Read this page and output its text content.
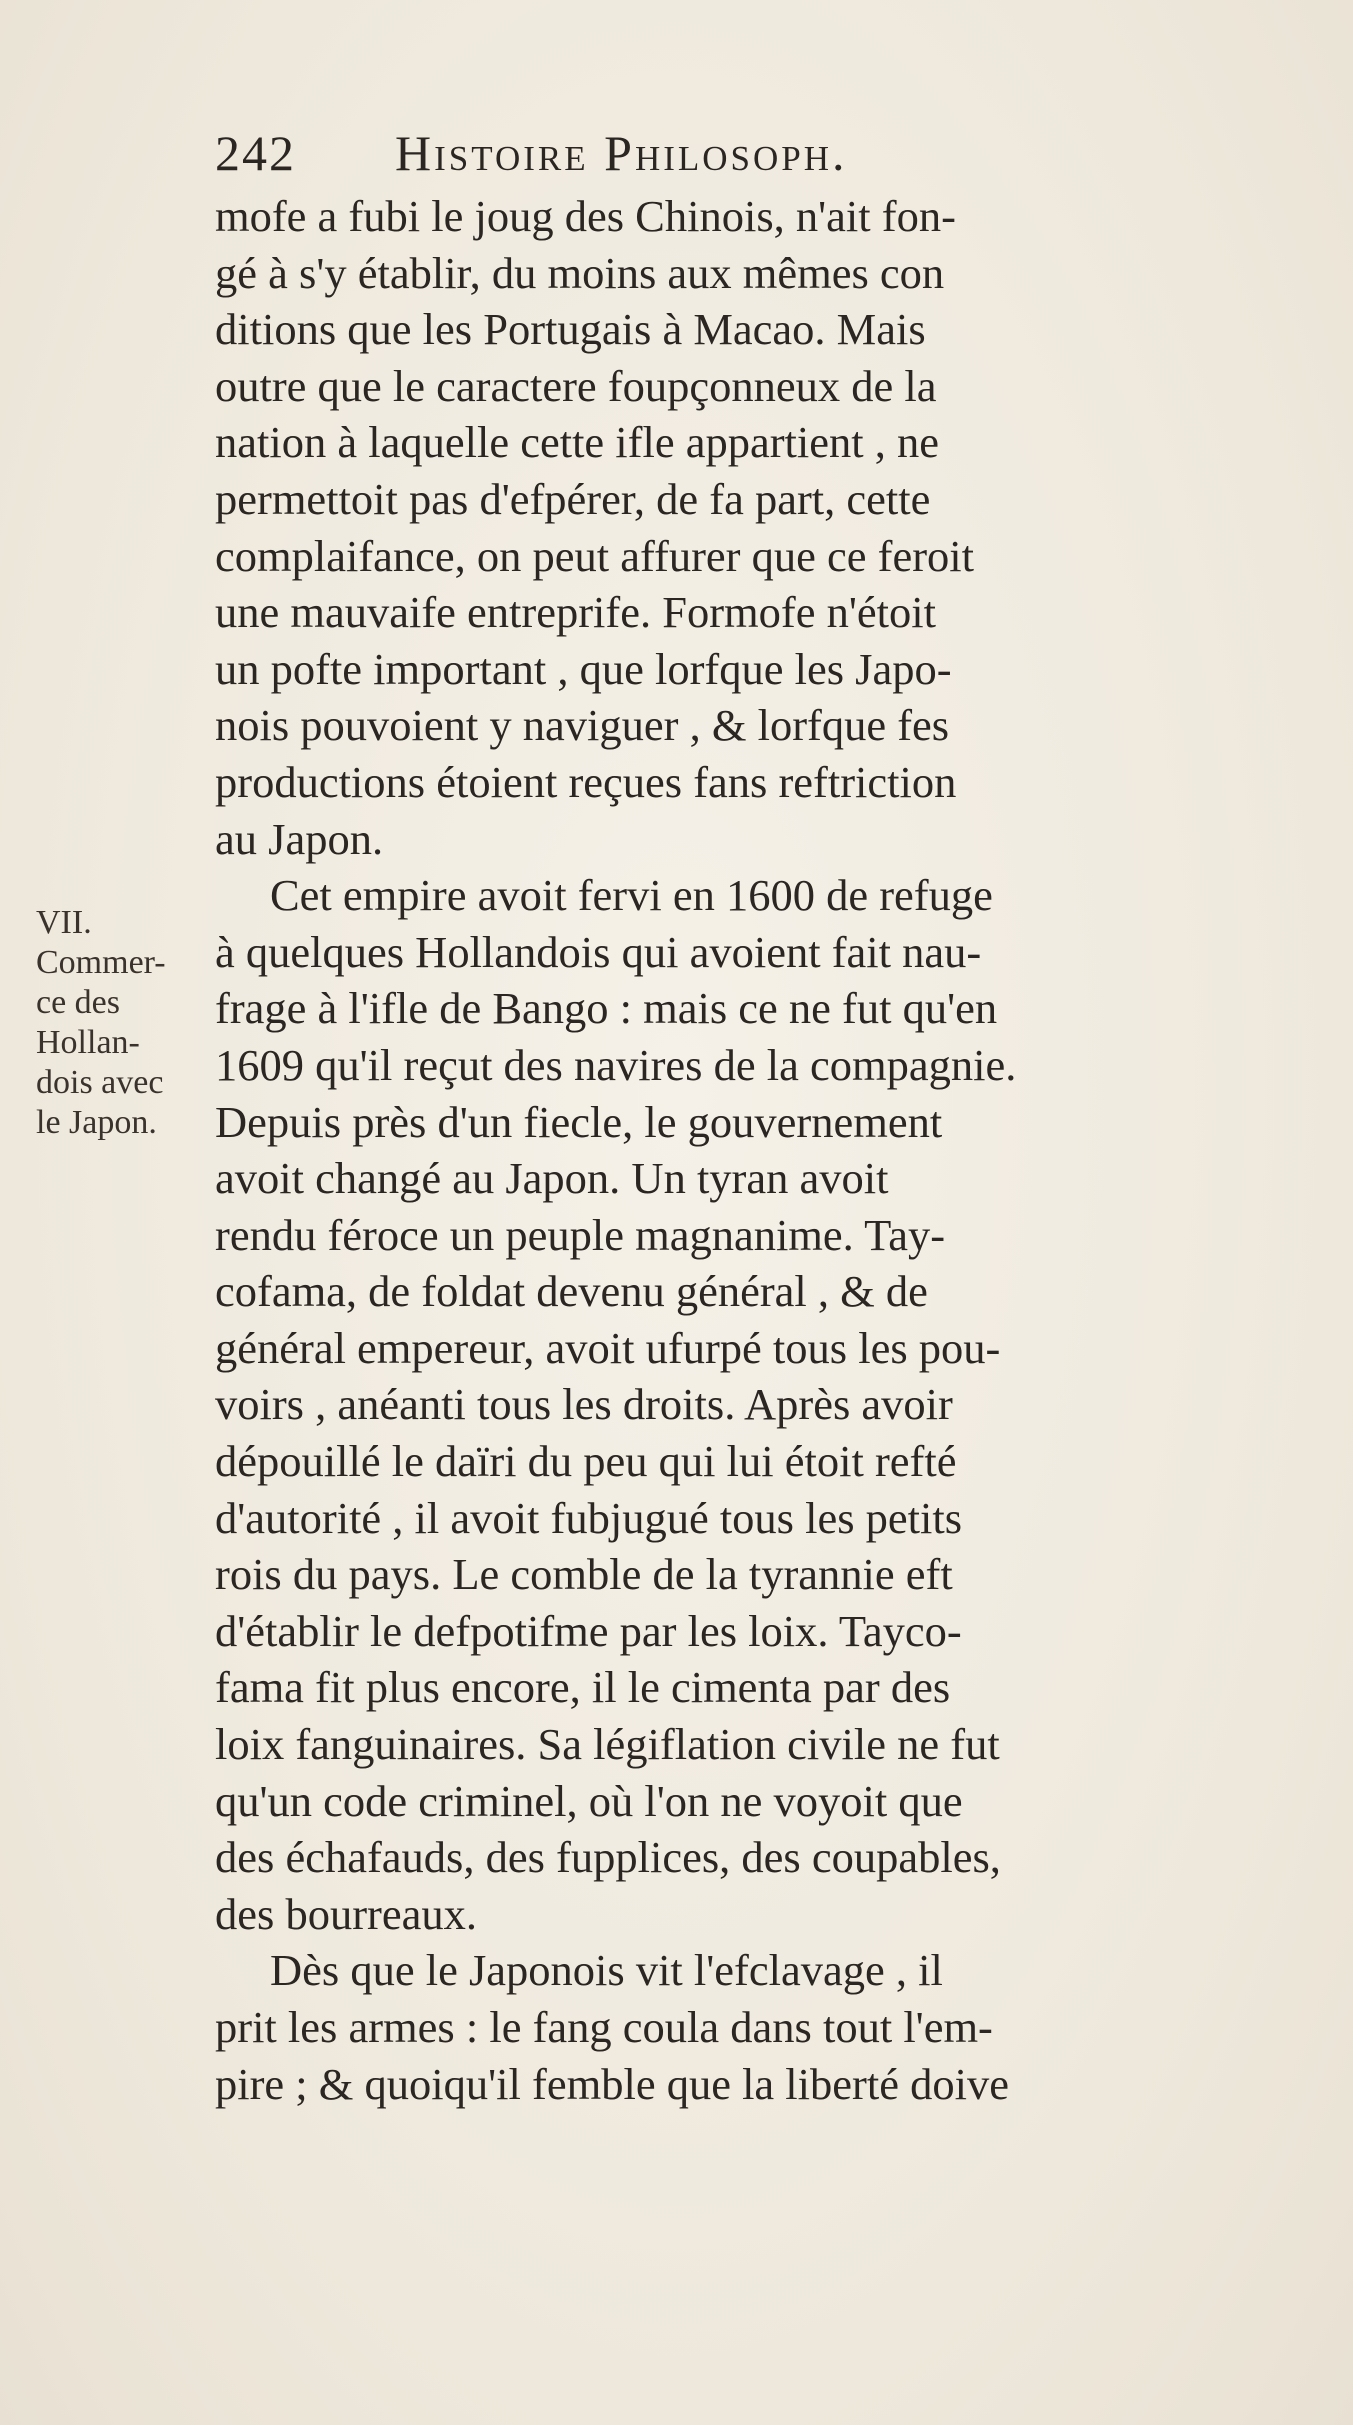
242 Histoire Philosoph.
mofe a fubi le joug des Chinois, n'ait fon-
gé à s'y établir, du moins aux mêmes con
ditions que les Portugais à Macao. Mais
outre que le caractere foupçonneux de la
nation à laquelle cette ifle appartient , ne
permettoit pas d'efpérer, de fa part, cette
complaifance, on peut affurer que ce feroit
une mauvaife entreprife. Formofe n'étoit
un pofte important , que lorfque les Japo-
nois pouvoient y naviguer , & lorfque fes
productions étoient reçues fans reftriction
au Japon.
Cet empire avoit fervi en 1600 de refuge
à quelques Hollandois qui avoient fait nau-
frage à l'ifle de Bango : mais ce ne fut qu'en
1609 qu'il reçut des navires de la compagnie.
Depuis près d'un fiecle, le gouvernement
avoit changé au Japon. Un tyran avoit
rendu féroce un peuple magnanime. Tay-
cofama, de foldat devenu général , & de
général empereur, avoit ufurpé tous les pou-
voirs , anéanti tous les droits. Après avoir
dépouillé le daïri du peu qui lui étoit refté
d'autorité , il avoit fubjugué tous les petits
rois du pays. Le comble de la tyrannie eft
d'établir le defpotifme par les loix. Tayco-
fama fit plus encore, il le cimenta par des
loix fanguinaires. Sa légiflation civile ne fut
qu'un code criminel, où l'on ne voyoit que
des échafauds, des fupplices, des coupables,
des bourreaux.
Dès que le Japonois vit l'efclavage , il
prit les armes : le fang coula dans tout l'em-
pire ; & quoiqu'il femble que la liberté doive
VII.
Commer-
ce des
Hollan-
dois avec
le Japon.
